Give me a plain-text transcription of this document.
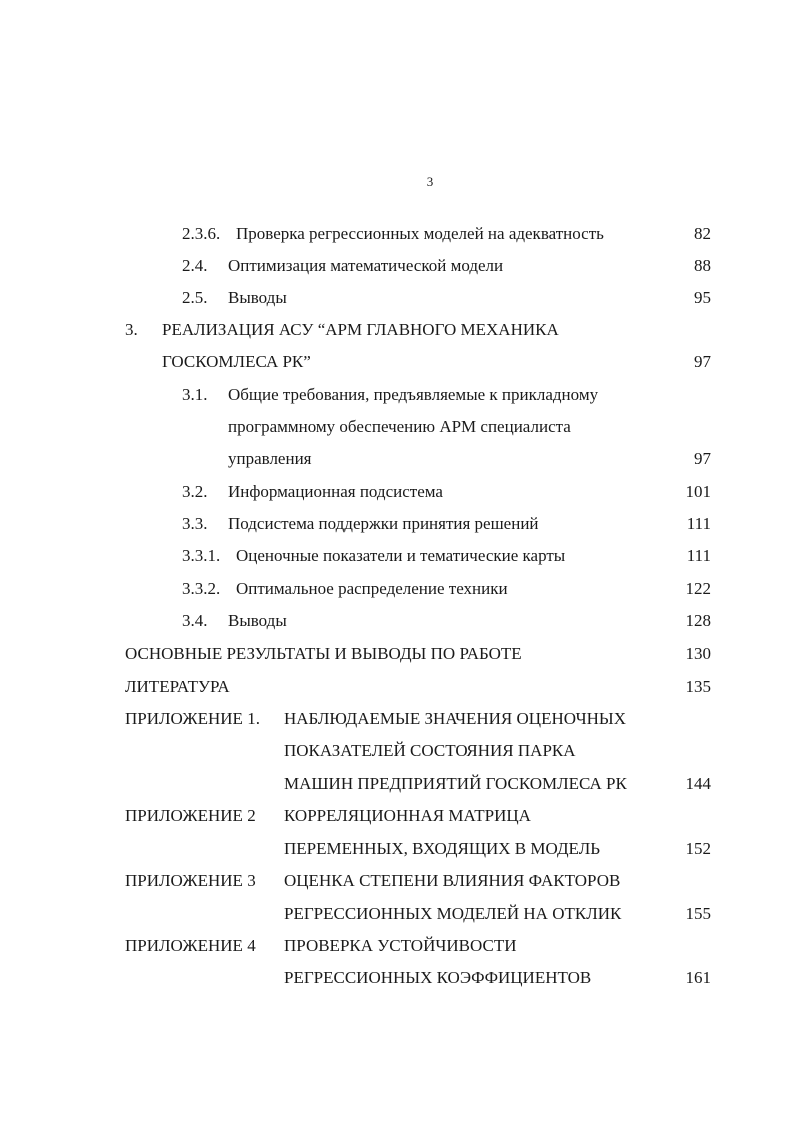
3
2.3.6. Проверка регрессионных моделей на адекватность	82
2.4. Оптимизация математической модели	88
2.5. Выводы	95
3. РЕАЛИЗАЦИЯ АСУ “АРМ ГЛАВНОГО МЕХАНИКА
ГОСКОМЛЕСА РК”	97
3.1. Общие требования, предъявляемые к прикладному
программному обеспечению АРМ специалиста
управления	97
3.2. Информационная подсистема	101
3.3. Подсистема поддержки принятия решений	111
3.3.1. Оценочные показатели и тематические карты	111
3.3.2. Оптимальное распределение техники	122
3.4. Выводы	128
ОСНОВНЫЕ РЕЗУЛЬТАТЫ И ВЫВОДЫ ПО РАБОТЕ	130
ЛИТЕРАТУРА	135
ПРИЛОЖЕНИЕ 1. НАБЛЮДАЕМЫЕ ЗНАЧЕНИЯ ОЦЕНОЧНЫХ
ПОКАЗАТЕЛЕЙ СОСТОЯНИЯ ПАРКА
МАШИН ПРЕДПРИЯТИЙ ГОСКОМЛЕСА РК	144
ПРИЛОЖЕНИЕ 2 КОРРЕЛЯЦИОННАЯ МАТРИЦА
ПЕРЕМЕННЫХ, ВХОДЯЩИХ В МОДЕЛЬ	152
ПРИЛОЖЕНИЕ 3 ОЦЕНКА СТЕПЕНИ ВЛИЯНИЯ ФАКТОРОВ
РЕГРЕССИОННЫХ МОДЕЛЕЙ НА ОТКЛИК	155
ПРИЛОЖЕНИЕ 4 ПРОВЕРКА УСТОЙЧИВОСТИ
РЕГРЕССИОННЫХ КОЭФФИЦИЕНТОВ	161
